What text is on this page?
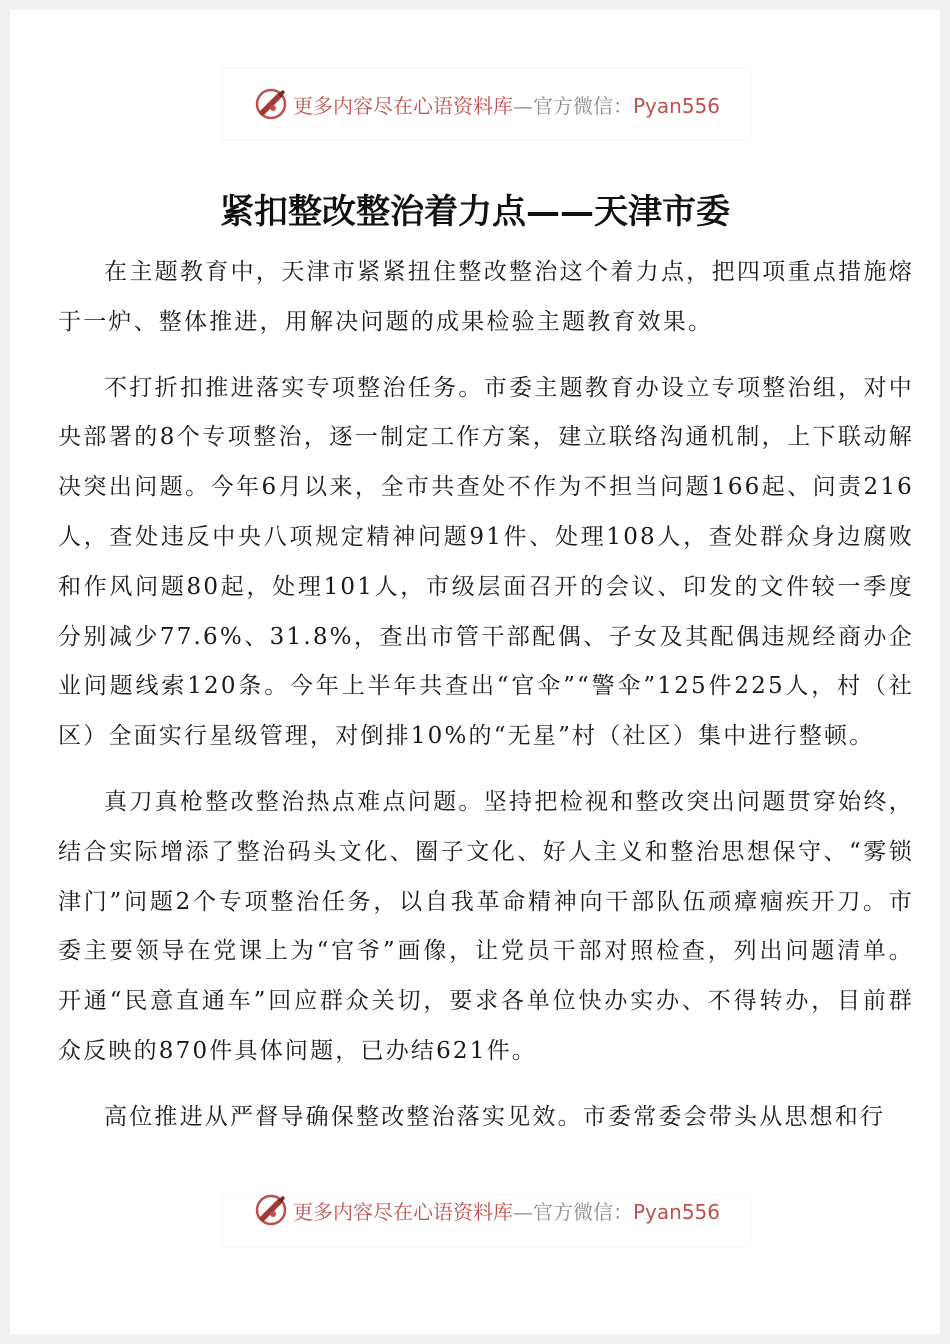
更多内容尽在心语资料库—官方微信：Pyan556
紧扣整改整治着力点——天津市委

在主题教育中，天津市紧紧扭住整改整治这个着力点，把四项重点措施熔于一炉、整体推进，用解决问题的成果检验主题教育效果。

不打折扣推进落实专项整治任务。市委主题教育办设立专项整治组，对中央部署的8个专项整治，逐一制定工作方案，建立联络沟通机制，上下联动解决突出问题。今年6月以来，全市共查处不作为不担当问题166起、问责216人，查处违反中央八项规定精神问题91件、处理108人，查处群众身边腐败和作风问题80起，处理101人，市级层面召开的会议、印发的文件较一季度分别减少77.6%、31.8%，查出市管干部配偶、子女及其配偶违规经商办企业问题线索120条。今年上半年共查出“官伞”“警伞”125件225人，村（社区）全面实行星级管理，对倒排10%的“无星”村（社区）集中进行整顿。

真刀真枪整改整治热点难点问题。坚持把检视和整改突出问题贯穿始终，结合实际增添了整治码头文化、圈子文化、好人主义和整治思想保守、“雾锁津门”问题2个专项整治任务，以自我革命精神向干部队伍顽瘴痼疾开刀。市委主要领导在党课上为“官爷”画像，让党员干部对照检查，列出问题清单。开通“民意直通车”回应群众关切，要求各单位快办实办、不得转办，目前群众反映的870件具体问题，已办结621件。

高位推进从严督导确保整改整治落实见效。市委常委会带头从思想和行

更多内容尽在心语资料库—官方微信：Pyan556
